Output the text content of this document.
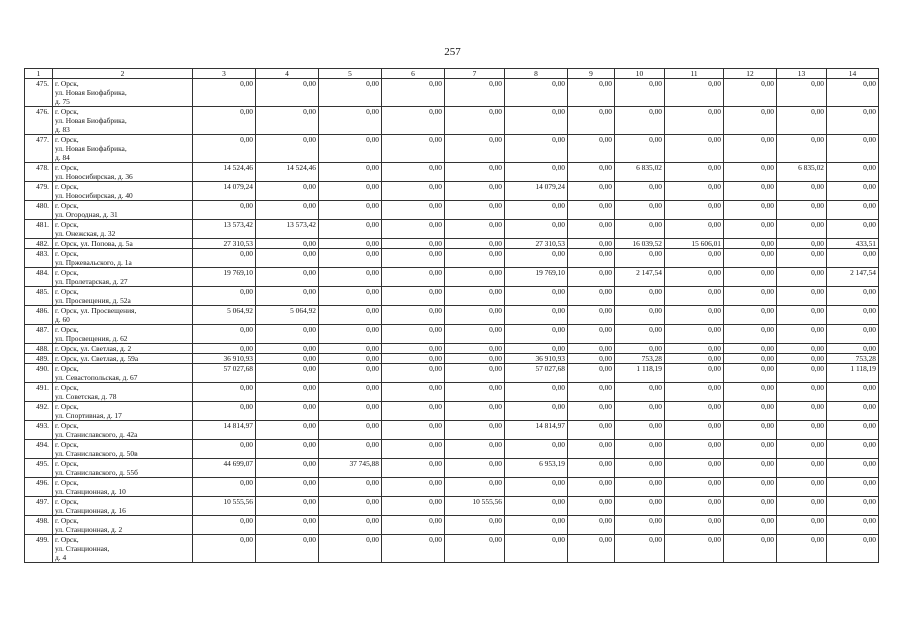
257
1	2	3	4	5	6	7	8	9	10	11	12	13	14
475.	г. Орск,
ул. Новая Биофабрика,
д. 75	0,00	0,00	0,00	0,00	0,00	0,00	0,00	0,00	0,00	0,00	0,00	0,00
476.	г. Орск,
ул. Новая Биофабрика,
д. 83	0,00	0,00	0,00	0,00	0,00	0,00	0,00	0,00	0,00	0,00	0,00	0,00
477.	г. Орск,
ул. Новая Биофабрика,
д. 84	0,00	0,00	0,00	0,00	0,00	0,00	0,00	0,00	0,00	0,00	0,00	0,00
478.	г. Орск,
ул. Новосибирская, д. 36	14 524,46	14 524,46	0,00	0,00	0,00	0,00	0,00	6 835,02	0,00	0,00	6 835,02	0,00
479.	г. Орск,
ул. Новосибирская, д. 40	14 079,24	0,00	0,00	0,00	0,00	14 079,24	0,00	0,00	0,00	0,00	0,00	0,00
480.	г. Орск,
ул. Огородная, д. 31	0,00	0,00	0,00	0,00	0,00	0,00	0,00	0,00	0,00	0,00	0,00	0,00
481.	г. Орск,
ул. Онежская, д. 32	13 573,42	13 573,42	0,00	0,00	0,00	0,00	0,00	0,00	0,00	0,00	0,00	0,00
482.	г. Орск, ул. Попова, д. 5а	27 310,53	0,00	0,00	0,00	0,00	27 310,53	0,00	16 039,52	15 606,01	0,00	0,00	433,51
483.	г. Орск,
ул. Пржевальского, д. 1а	0,00	0,00	0,00	0,00	0,00	0,00	0,00	0,00	0,00	0,00	0,00	0,00
484.	г. Орск,
ул. Пролетарская, д. 27	19 769,10	0,00	0,00	0,00	0,00	19 769,10	0,00	2 147,54	0,00	0,00	0,00	2 147,54
485.	г. Орск,
ул. Просвещения, д. 52а	0,00	0,00	0,00	0,00	0,00	0,00	0,00	0,00	0,00	0,00	0,00	0,00
486.	г. Орск, ул. Просвещения,
д. 60	5 064,92	5 064,92	0,00	0,00	0,00	0,00	0,00	0,00	0,00	0,00	0,00	0,00
487.	г. Орск,
ул. Просвещения, д. 62	0,00	0,00	0,00	0,00	0,00	0,00	0,00	0,00	0,00	0,00	0,00	0,00
488.	г. Орск, ул. Светлая, д. 2	0,00	0,00	0,00	0,00	0,00	0,00	0,00	0,00	0,00	0,00	0,00	0,00
489.	г. Орск, ул. Светлая, д. 59а	36 910,93	0,00	0,00	0,00	0,00	36 910,93	0,00	753,28	0,00	0,00	0,00	753,28
490.	г. Орск,
ул. Севастопольская, д. 67	57 027,68	0,00	0,00	0,00	0,00	57 027,68	0,00	1 118,19	0,00	0,00	0,00	1 118,19
491.	г. Орск,
ул. Советская, д. 78	0,00	0,00	0,00	0,00	0,00	0,00	0,00	0,00	0,00	0,00	0,00	0,00
492.	г. Орск,
ул. Спортивная, д. 17	0,00	0,00	0,00	0,00	0,00	0,00	0,00	0,00	0,00	0,00	0,00	0,00
493.	г. Орск,
ул. Станиславского, д. 42а	14 814,97	0,00	0,00	0,00	0,00	14 814,97	0,00	0,00	0,00	0,00	0,00	0,00
494.	г. Орск,
ул. Станиславского, д. 50в	0,00	0,00	0,00	0,00	0,00	0,00	0,00	0,00	0,00	0,00	0,00	0,00
495.	г. Орск,
ул. Станиславского, д. 55б	44 699,07	0,00	37 745,88	0,00	0,00	6 953,19	0,00	0,00	0,00	0,00	0,00	0,00
496.	г. Орск,
ул. Станционная, д. 10	0,00	0,00	0,00	0,00	0,00	0,00	0,00	0,00	0,00	0,00	0,00	0,00
497.	г. Орск,
ул. Станционная, д. 16	10 555,56	0,00	0,00	0,00	10 555,56	0,00	0,00	0,00	0,00	0,00	0,00	0,00
498.	г. Орск,
ул. Станционная, д. 2	0,00	0,00	0,00	0,00	0,00	0,00	0,00	0,00	0,00	0,00	0,00	0,00
499.	г. Орск,
ул. Станционная,
д. 4	0,00	0,00	0,00	0,00	0,00	0,00	0,00	0,00	0,00	0,00	0,00	0,00
